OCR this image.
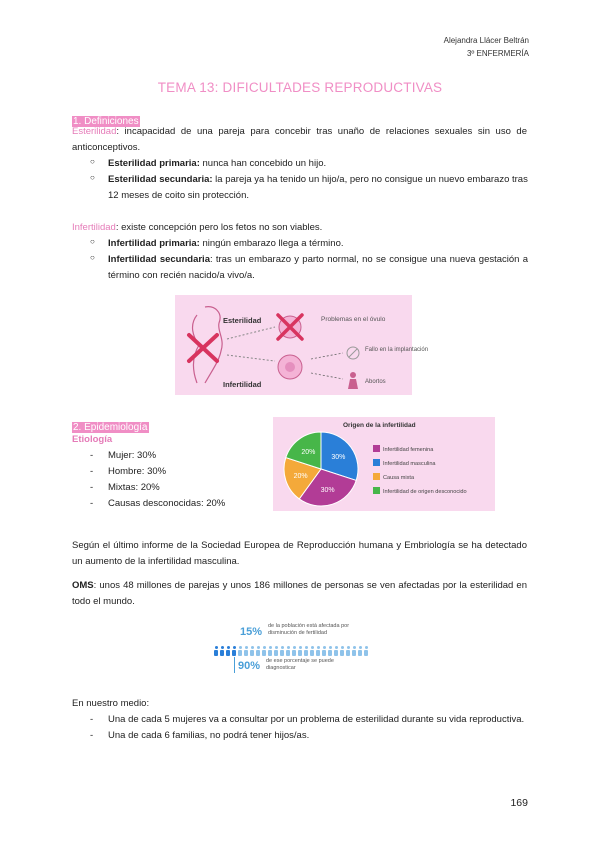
Alejandra Llácer Beltrán
3º ENFERMERÍA
TEMA 13: DIFICULTADES REPRODUCTIVAS
1. Definiciones
Esterilidad: incapacidad de una pareja para concebir tras unaño de relaciones sexuales sin uso de anticonceptivos.
○ Esterilidad primaria: nunca han concebido un hijo.
○ Esterilidad secundaria: la pareja ya ha tenido un hijo/a, pero no consigue un nuevo embarazo tras 12 meses de coito sin protección.
Infertilidad: existe concepción pero los fetos no son viables.
○ Infertilidad primaria: ningún embarazo llega a término.
○ Infertilidad secundaria: tras un embarazo y parto normal, no se consigue una nueva gestación a término con recién nacido/a vivo/a.
Esterilidad
Infertilidad
Problemas en el óvulo
Fallo en la implantación
Abortos
2. Epidemiología
Etiología
- Mujer: 30%
- Hombre: 30%
- Mixtas: 20%
- Causas desconocidas: 20%
Origen de la infertilidad
30%
30%
20%
20%	Infertilidad femenina
Infertilidad masculina
Causa mixta
Infertilidad de origen desconocido
Según el último informe de la Sociedad Europea de Reproducción humana y Embriología se ha detectado un aumento de la infertilidad masculina.
OMS: unos 48 millones de parejas y unos 186 millones de personas se ven afectadas por la esterilidad en todo el mundo.
15% de la población está afectada por disminución de fertilidad
90% de ese porcentaje se puede diagnosticar
En nuestro medio:
- Una de cada 5 mujeres va a consultar por un problema de esterilidad durante su vida reproductiva.
- Una de cada 6 familias, no podrá tener hijos/as.
169
